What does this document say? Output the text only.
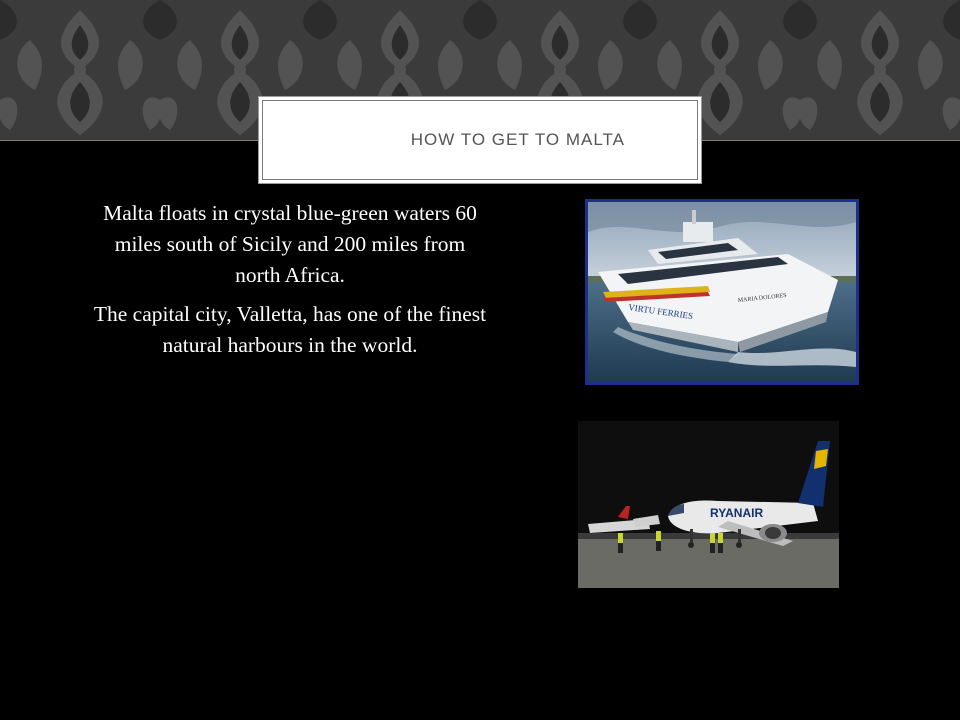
HOW TO GET TO MALTA

Malta floats in crystal blue-green waters 60 miles south of Sicily and 200 miles from north Africa.

The capital city, Valletta, has one of the finest natural harbours in the world.

VIRTU FERRIES
MARIA DOLORES
RYANAIR
